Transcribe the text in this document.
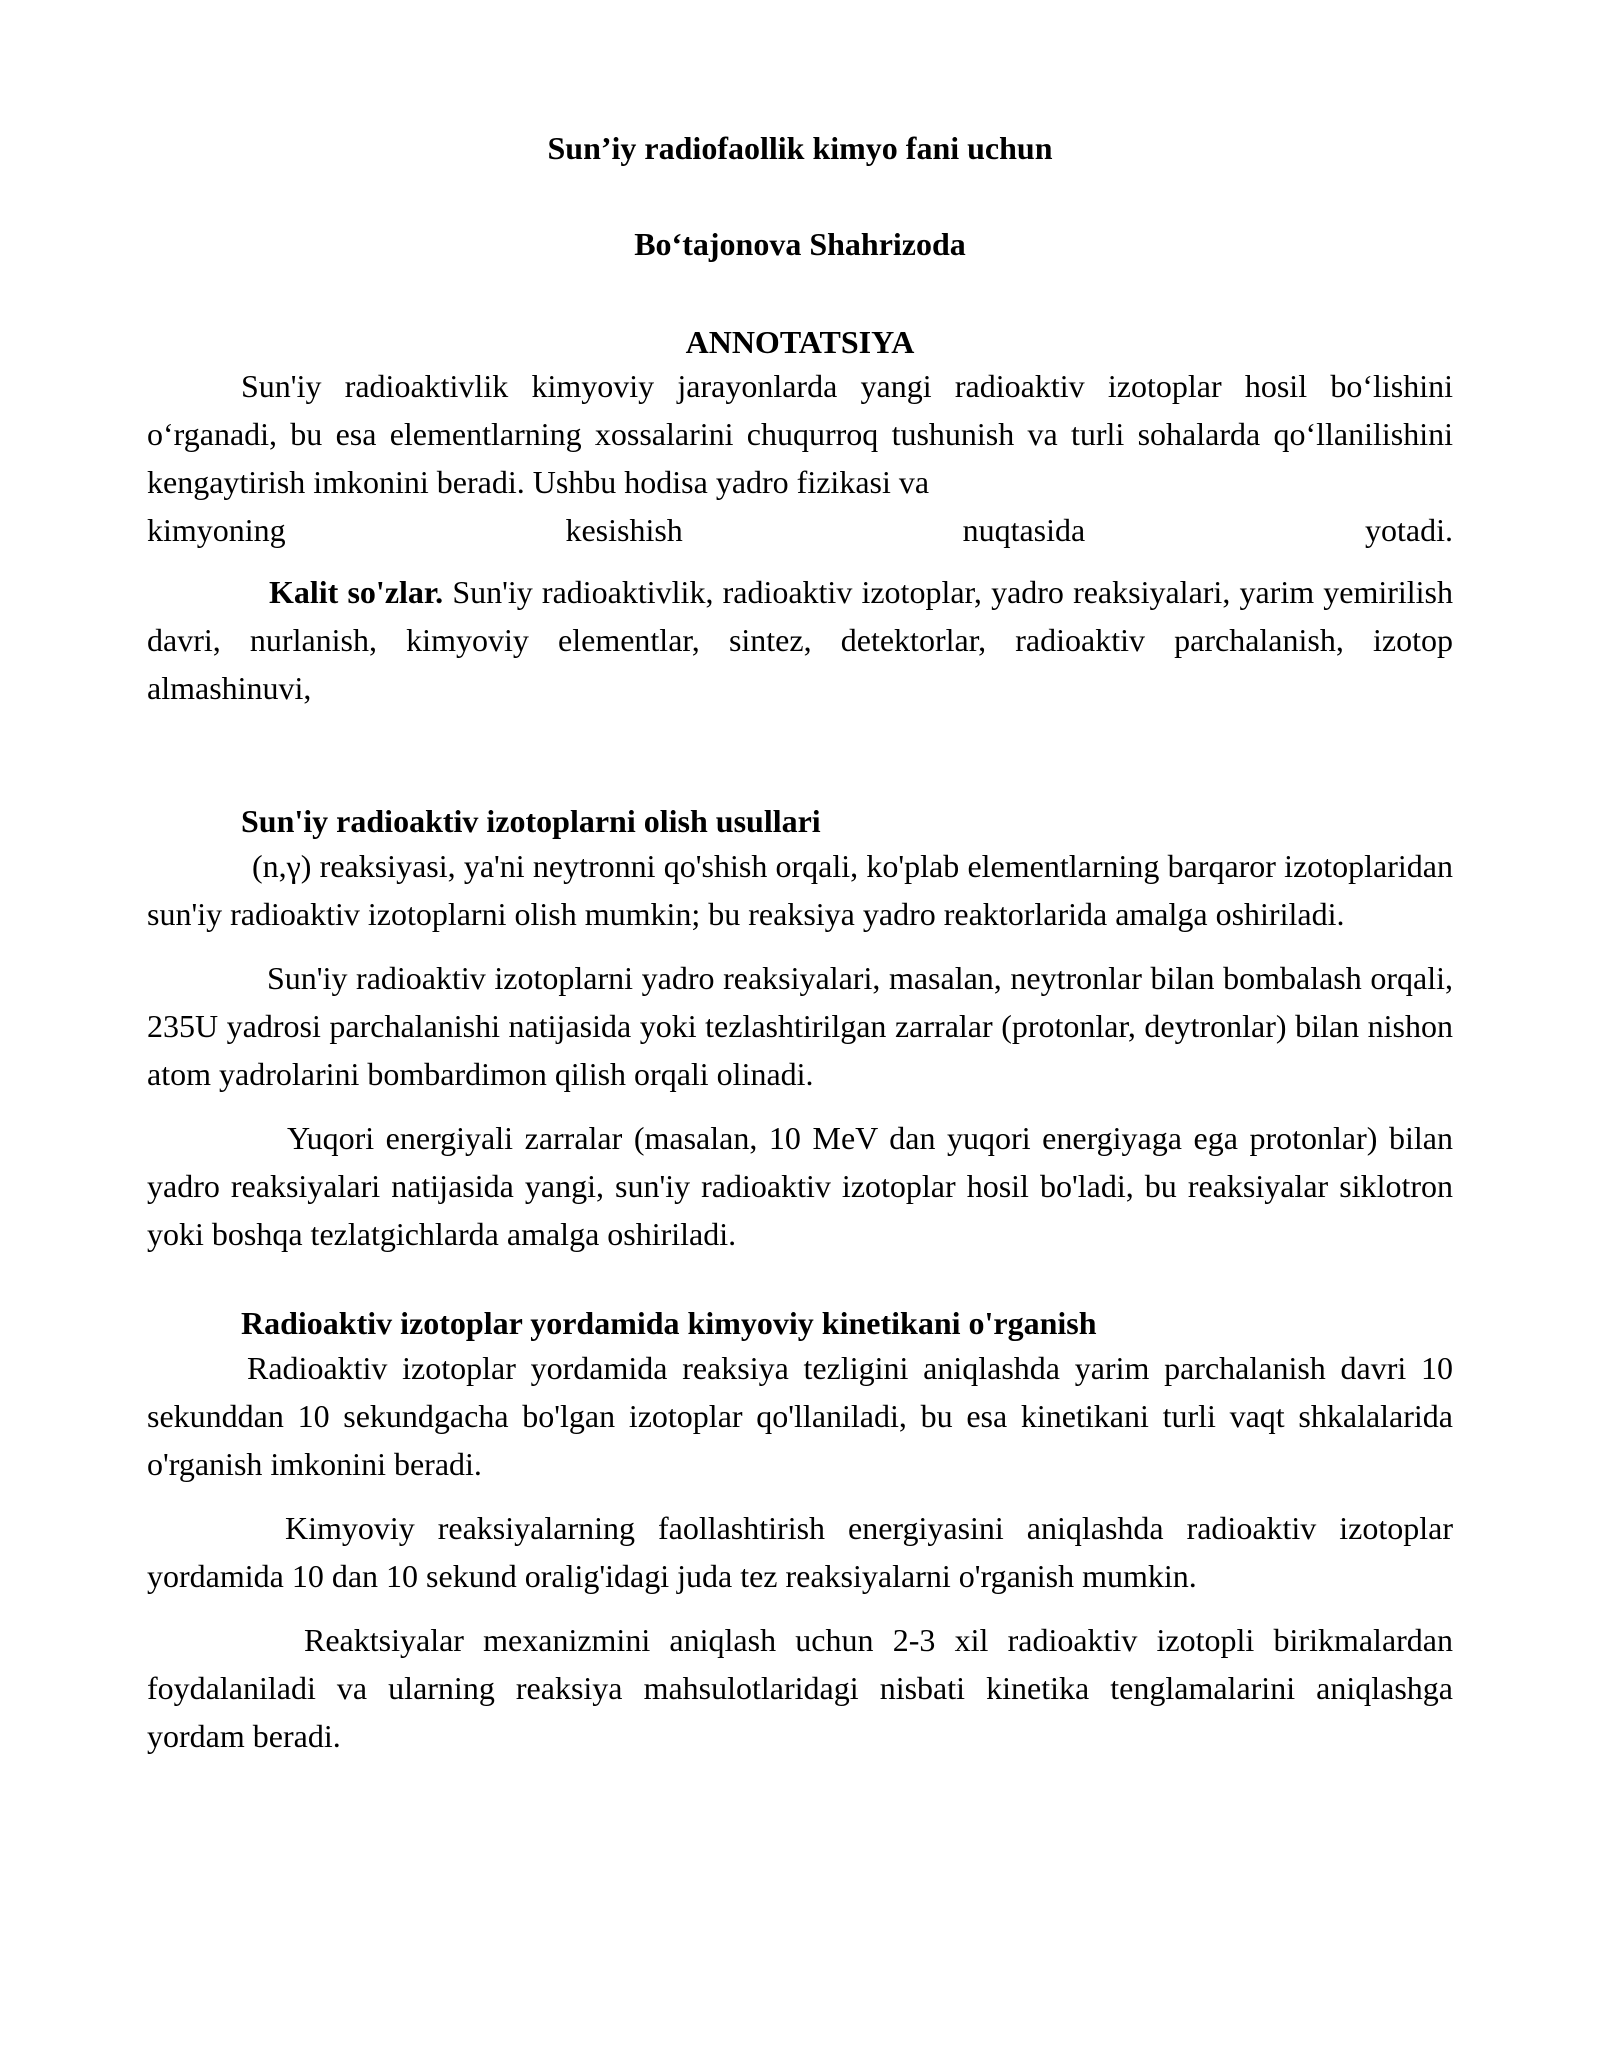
Sun’iy radiofaollik kimyo fani uchun
Bo‘tajonova Shahrizoda
ANNOTATSIYA

Sun'iy radioaktivlik kimyoviy jarayonlarda yangi radioaktiv izotoplar hosil bo‘lishini o‘rganadi, bu esa elementlarning xossalarini chuqurroq tushunish va turli sohalarda qo‘llanilishini kengaytirish imkonini beradi. Ushbu hodisa yadro fizikasi va

kimyoning kesishish nuqtasida yotadi.

Kalit so'zlar. Sun'iy radioaktivlik, radioaktiv izotoplar, yadro reaksiyalari, yarim yemirilish davri, nurlanish, kimyoviy elementlar, sintez, detektorlar, radioaktiv parchalanish, izotop almashinuvi,

Sun'iy radioaktiv izotoplarni olish usullari

(n,γ) reaksiyasi, ya'ni neytronni qo'shish orqali, ko'plab elementlarning barqaror izotoplaridan sun'iy radioaktiv izotoplarni olish mumkin; bu reaksiya yadro reaktorlarida amalga oshiriladi.

Sun'iy radioaktiv izotoplarni yadro reaksiyalari, masalan, neytronlar bilan bombalash orqali, 235U yadrosi parchalanishi natijasida yoki tezlashtirilgan zarralar (protonlar, deytronlar) bilan nishon atom yadrolarini bombardimon qilish orqali olinadi.

Yuqori energiyali zarralar (masalan, 10 MeV dan yuqori energiyaga ega protonlar) bilan yadro reaksiyalari natijasida yangi, sun'iy radioaktiv izotoplar hosil bo'ladi, bu reaksiyalar siklotron yoki boshqa tezlatgichlarda amalga oshiriladi.

Radioaktiv izotoplar yordamida kimyoviy kinetikani o'rganish

Radioaktiv izotoplar yordamida reaksiya tezligini aniqlashda yarim parchalanish davri 10 sekunddan 10 sekundgacha bo'lgan izotoplar qo'llaniladi, bu esa kinetikani turli vaqt shkalalarida o'rganish imkonini beradi.

Kimyoviy reaksiyalarning faollashtirish energiyasini aniqlashda radioaktiv izotoplar yordamida 10 dan 10 sekund oralig'idagi juda tez reaksiyalarni o'rganish mumkin.

Reaktsiyalar mexanizmini aniqlash uchun 2-3 xil radioaktiv izotopli birikmalardan foydalaniladi va ularning reaksiya mahsulotlaridagi nisbati kinetika tenglamalarini aniqlashga yordam beradi.
